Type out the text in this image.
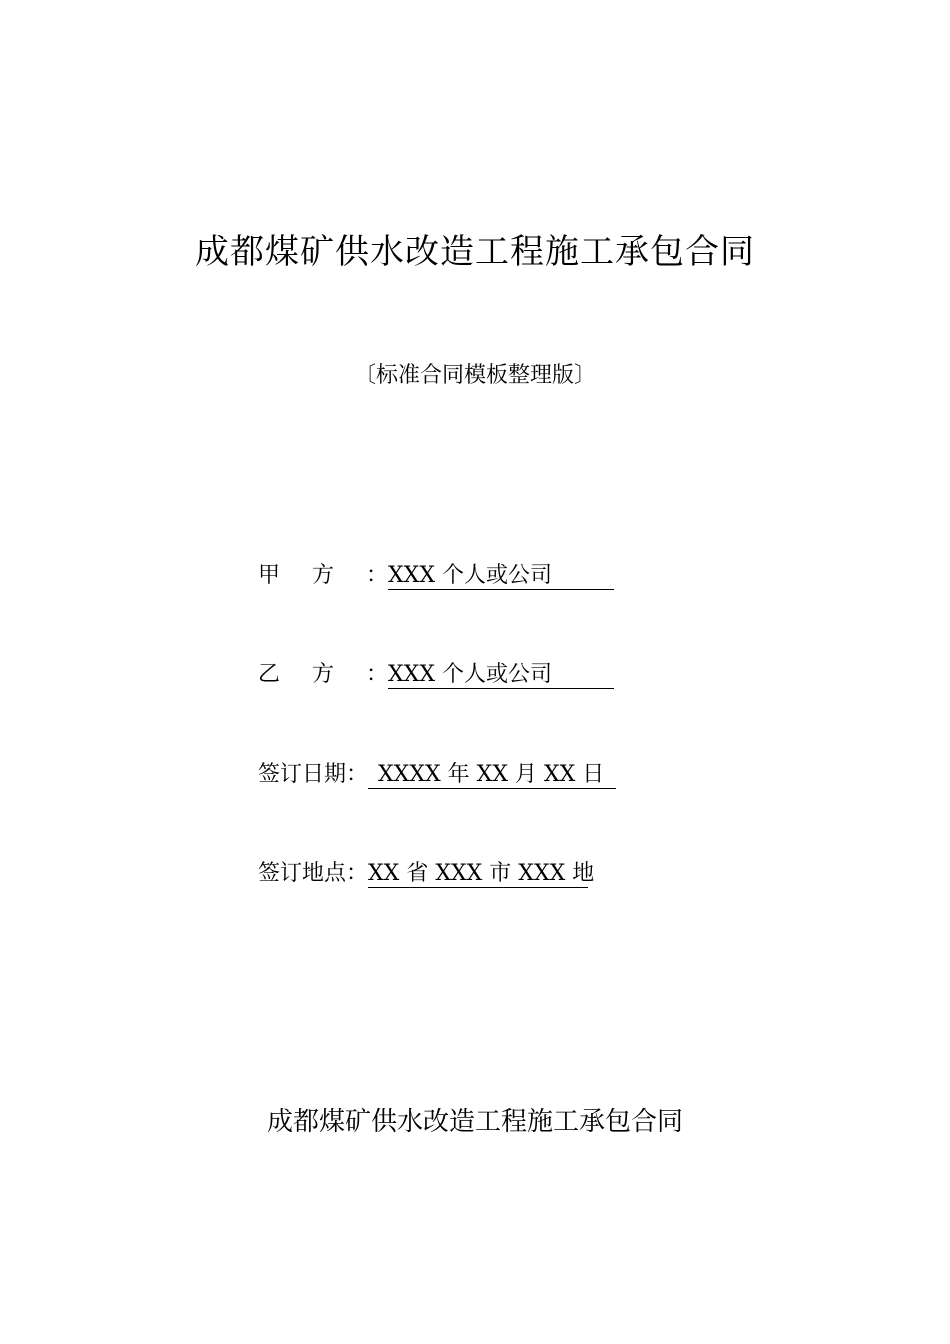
成都煤矿供水改造工程施工承包合同
〔标准合同模板整理版〕
甲方： XXX 个人或公司
乙方： XXX 个人或公司
签订日期： XXXX 年 XX 月 XX 日
签订地点： XX 省 XXX 市 XXX 地
成都煤矿供水改造工程施工承包合同
